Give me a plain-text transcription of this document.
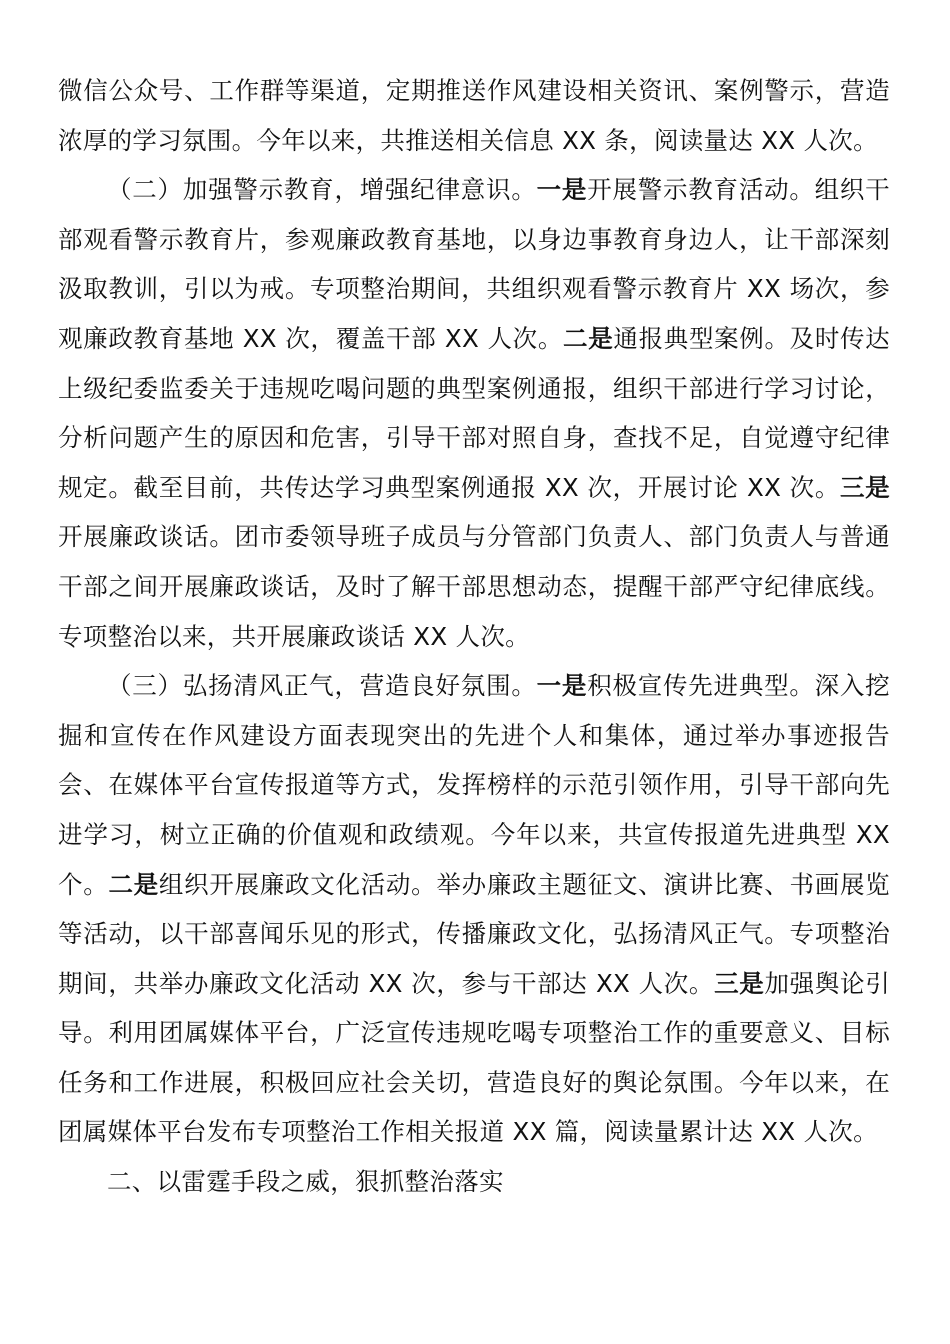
微信公众号、工作群等渠道，定期推送作风建设相关资讯、案例警示，营造浓厚的学习氛围。今年以来，共推送相关信息 XX 条，阅读量达 XX 人次。

（二）加强警示教育，增强纪律意识。一是开展警示教育活动。组织干部观看警示教育片，参观廉政教育基地，以身边事教育身边人，让干部深刻汲取教训，引以为戒。专项整治期间，共组织观看警示教育片 XX 场次，参观廉政教育基地 XX 次，覆盖干部 XX 人次。二是通报典型案例。及时传达上级纪委监委关于违规吃喝问题的典型案例通报，组织干部进行学习讨论，分析问题产生的原因和危害，引导干部对照自身，查找不足，自觉遵守纪律规定。截至目前，共传达学习典型案例通报 XX 次，开展讨论 XX 次。三是开展廉政谈话。团市委领导班子成员与分管部门负责人、部门负责人与普通干部之间开展廉政谈话，及时了解干部思想动态，提醒干部严守纪律底线。专项整治以来，共开展廉政谈话 XX 人次。

（三）弘扬清风正气，营造良好氛围。一是积极宣传先进典型。深入挖掘和宣传在作风建设方面表现突出的先进个人和集体，通过举办事迹报告会、在媒体平台宣传报道等方式，发挥榜样的示范引领作用，引导干部向先进学习，树立正确的价值观和政绩观。今年以来，共宣传报道先进典型 XX 个。二是组织开展廉政文化活动。举办廉政主题征文、演讲比赛、书画展览等活动，以干部喜闻乐见的形式，传播廉政文化，弘扬清风正气。专项整治期间，共举办廉政文化活动 XX 次，参与干部达 XX 人次。三是加强舆论引导。利用团属媒体平台，广泛宣传违规吃喝专项整治工作的重要意义、目标任务和工作进展，积极回应社会关切，营造良好的舆论氛围。今年以来，在团属媒体平台发布专项整治工作相关报道 XX 篇，阅读量累计达 XX 人次。

二、以雷霆手段之威，狠抓整治落实
